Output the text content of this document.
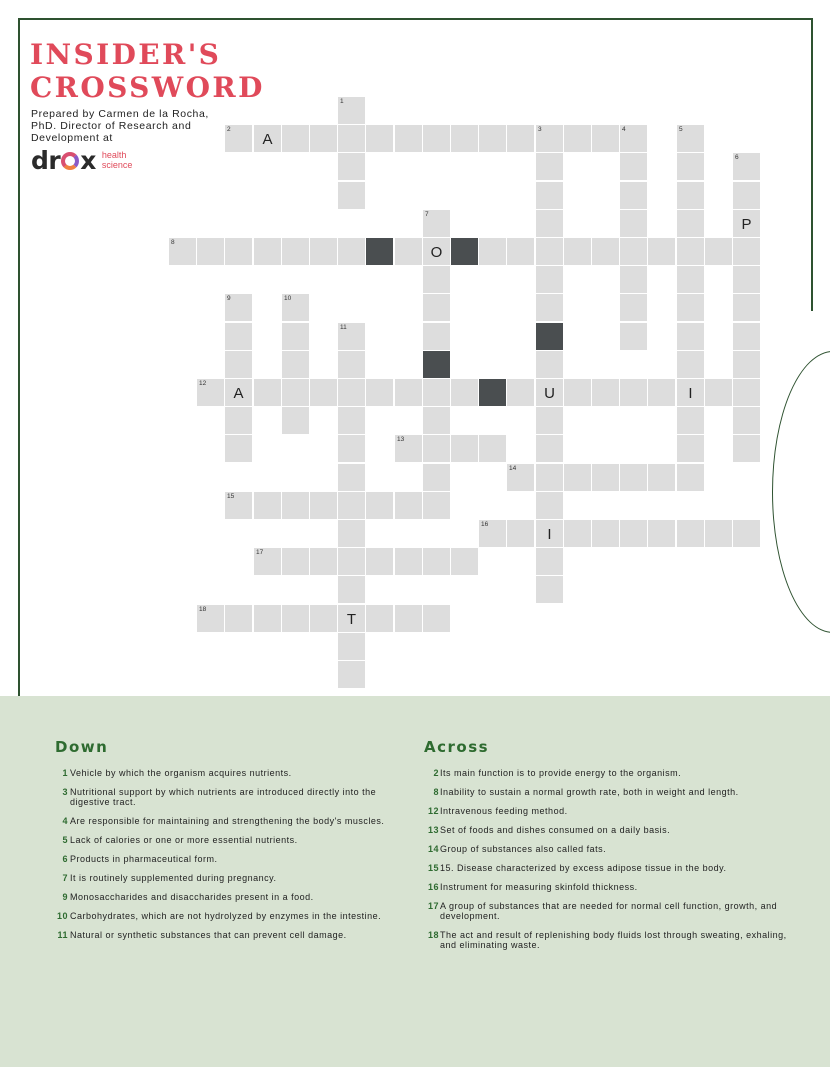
INSIDER'S
CROSSWORD
Prepared by Carmen de la Rocha, PhD. Director of Research and Development at
dr x health
science
2
A
3
1
U
I
4	5
I
6
P
7
O
8
9
A
10
11
T
12
13
14
15
16
17
18
Down
1 Vehicle by which the organism acquires nutrients.
3 Nutritional support by which nutrients are introduced directly into the digestive tract.
4 Are responsible for maintaining and strengthening the body's muscles.
5 Lack of calories or one or more essential nutrients.
6 Products in pharmaceutical form.
7 It is routinely supplemented during pregnancy.
9 Monosaccharides and disaccharides present in a food.
10 Carbohydrates, which are not hydrolyzed by enzymes in the intestine.
11 Natural or synthetic substances that can prevent cell damage.
Across
2 Its main function is to provide energy to the organism.
8 Inability to sustain a normal growth rate, both in weight and length.
12 Intravenous feeding method.
13 Set of foods and dishes consumed on a daily basis.
14 Group of substances also called fats.
15 15. Disease characterized by excess adipose tissue in the body.
16 Instrument for measuring skinfold thickness.
17 A group of substances that are needed for normal cell function, growth, and development.
18 The act and result of replenishing body fluids lost through sweating, exhaling, and eliminating waste.
